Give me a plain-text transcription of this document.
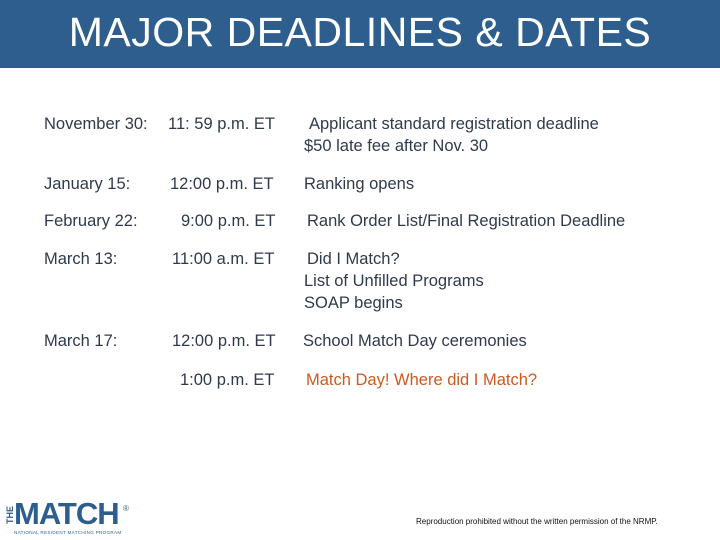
MAJOR DEADLINES & DATES
November 30: 11: 59 p.m. ET Applicant standard registration deadline
$50 late fee after Nov. 30
January 15: 12:00 p.m. ET Ranking opens
February 22:	9:00 p.m. ET Rank Order List/Final Registration Deadline
March 13:	11:00 a.m. ET Did I Match?
List of Unfilled Programs
SOAP begins
March 17:	12:00 p.m. ET School Match Day ceremonies
1:00 p.m. ET Match Day! Where did I Match?
THE MATCH ®
NATIONAL RESIDENT MATCHING PROGRAM
Reproduction prohibited without the written permission of the NRMP.
